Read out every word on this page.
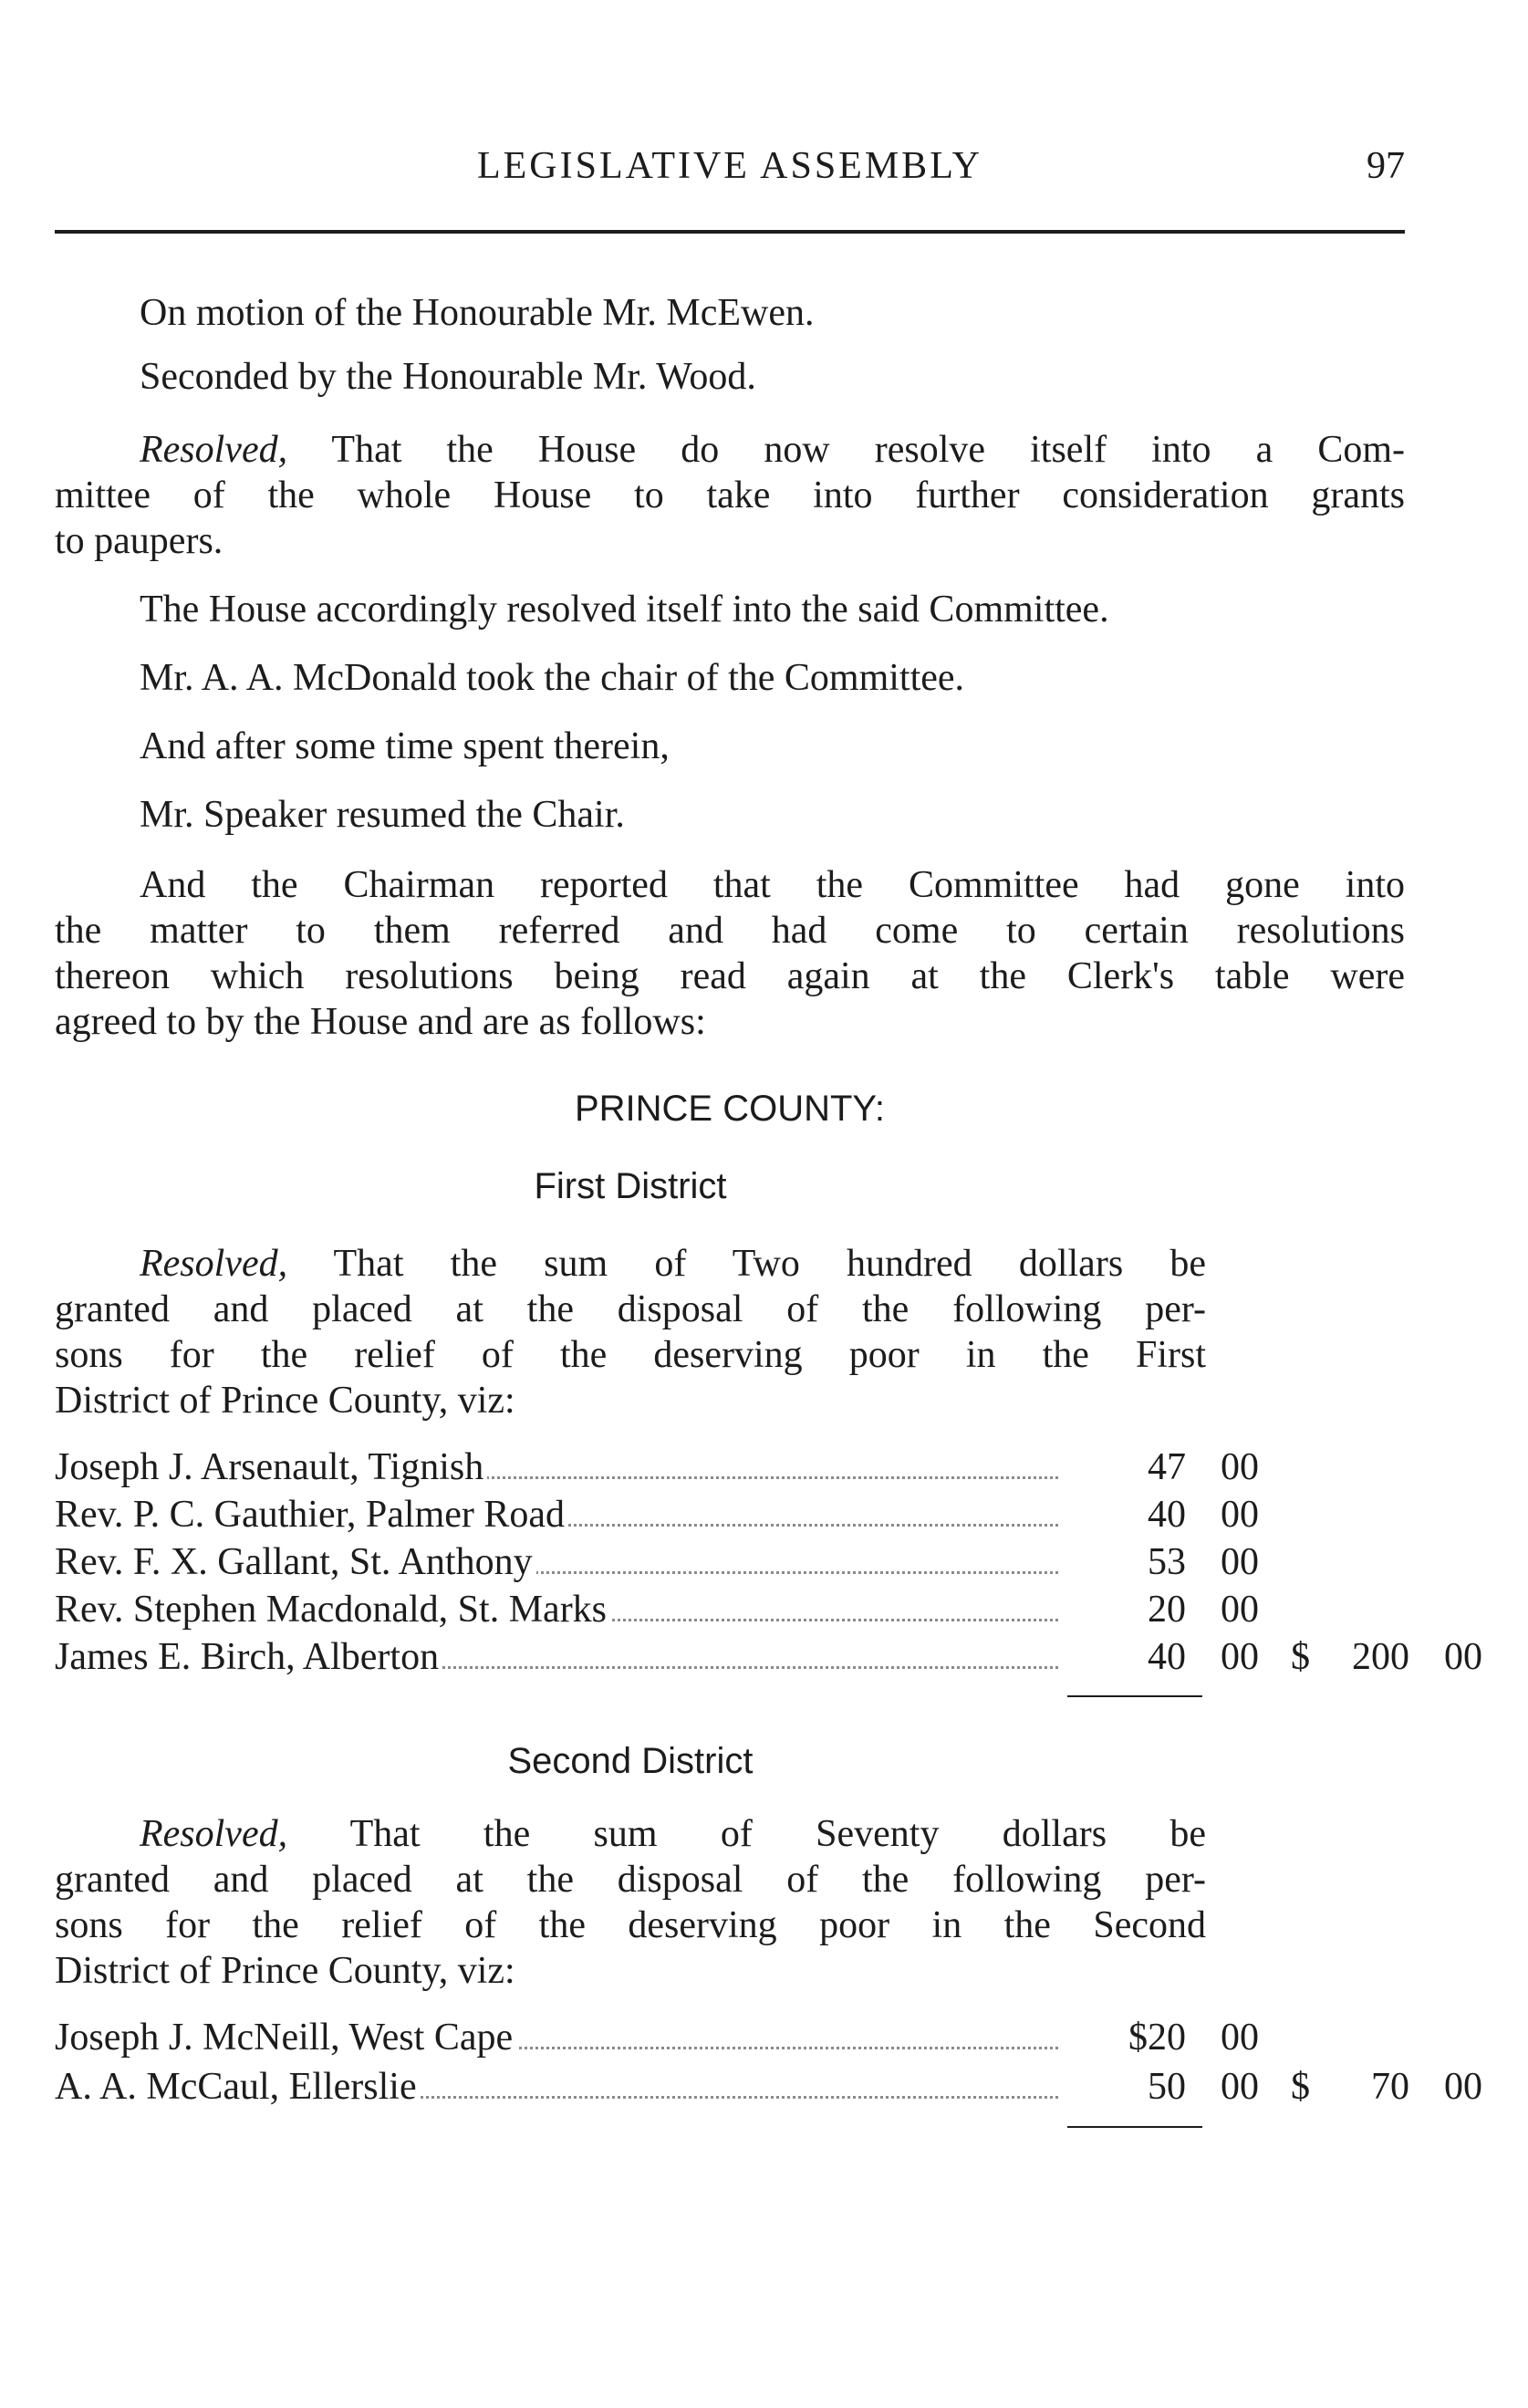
LEGISLATIVE ASSEMBLY	97
On motion of the Honourable Mr. McEwen.
Seconded by the Honourable Mr. Wood.
Resolved, That the House do now resolve itself into a Com-
mittee of the whole House to take into further consideration grants
to paupers.
The House accordingly resolved itself into the said Committee.
Mr. A. A. McDonald took the chair of the Committee.
And after some time spent therein,
Mr. Speaker resumed the Chair.
And the Chairman reported that the Committee had gone into
the matter to them referred and had come to certain resolutions
thereon which resolutions being read again at the Clerk's table were
agreed to by the House and are as follows:
PRINCE COUNTY:
First District
Resolved, That the sum of Two hundred dollars be
granted and placed at the disposal of the following per-
sons for the relief of the deserving poor in the First
District of Prince County, viz:
Joseph J. Arsenault, Tignish	47 00
Rev. P. C. Gauthier, Palmer Road	40 00
Rev. F. X. Gallant, St. Anthony	53 00
Rev. Stephen Macdonald, St. Marks	20 00
James E. Birch, Alberton	40 00 $ 200 00
Second District
Resolved, That the sum of Seventy dollars be
granted and placed at the disposal of the following per-
sons for the relief of the deserving poor in the Second
District of Prince County, viz:
Joseph J. McNeill, West Cape	$20 00
A. A. McCaul, Ellerslie	50 00 $ 70 00
